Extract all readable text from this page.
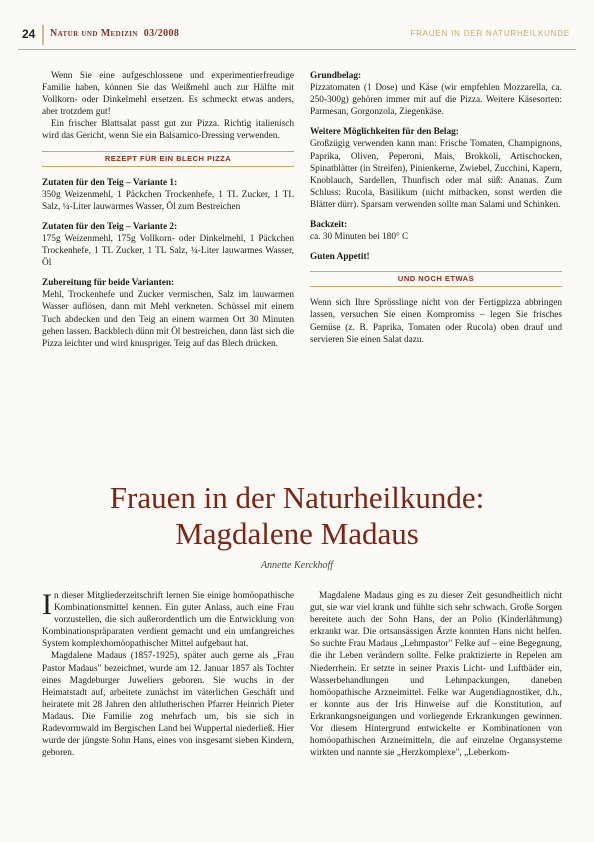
24 Natur und Medizin 03/2008	FRAUEN IN DER NATURHEILKUNDE

Wenn Sie eine aufgeschlossene und experimentierfreudige Familie haben, können Sie das Weißmehl auch zur Hälfte mit Vollkorn- oder Dinkelmehl ersetzen. Es schmeckt etwas anders, aber trotzdem gut!

Ein frischer Blattsalat passt gut zur Pizza. Richtig italienisch wird das Gericht, wenn Sie ein Balsamico-Dressing verwenden.

REZEPT FÜR EIN BLECH PIZZA

Zutaten für den Teig – Variante 1:

350g Weizenmehl, 1 Päckchen Trockenhefe, 1 TL Zucker, 1 TL Salz, ¼-Liter lauwarmes Wasser, Öl zum Bestreichen

Zutaten für den Teig – Variante 2:

175g Weizenmehl, 175g Vollkorn- oder Dinkelmehl, 1 Päckchen Trockenhefe, 1 TL Zucker, 1 TL Salz, ¼-Liter lauwarmes Wasser, Öl

Zubereitung für beide Varianten:

Mehl, Trockenhefe und Zucker vermischen, Salz im lauwarmen Wasser auflösen, dann mit Mehl verkneten. Schüssel mit einem Tuch abdecken und den Teig an einem warmen Ort 30 Minuten gehen lassen. Backblech dünn mit Öl bestreichen, dann läst sich die Pizza leichter und wird knuspriger. Teig auf das Blech drücken.

Grundbelag:

Pizzatomaten (1 Dose) und Käse (wir empfehlen Mozzarella, ca. 250-300g) gehören immer mit auf die Pizza. Weitere Käsesorten: Parmesan, Gorgonzola, Ziegenkäse.

Weitere Möglichkeiten für den Belag:

Großzügig verwenden kann man: Frische Tomaten, Champignons, Paprika, Oliven, Peperoni, Mais, Brokkoli, Artischocken, Spinatblätter (in Streifen), Pinienkerne, Zwiebel, Zucchini, Kapern, Knoblauch, Sardellen, Thunfisch oder mal süß: Ananas. Zum Schluss: Rucola, Basilikum (nicht mitbacken, sonst werden die Blätter dürr). Sparsam verwenden sollte man Salami und Schinken.

Backzeit:

ca. 30 Minuten bei 180° C

Guten Appetit!

UND NOCH ETWAS

Wenn sich Ihre Sprösslinge nicht von der Fertigpizza abbringen lassen, versuchen Sie einen Kompromiss – legen Sie frisches Gemüse (z. B. Paprika, Tomaten oder Rucola) oben drauf und servieren Sie einen Salat dazu.

Frauen in der Naturheilkunde:
Magdalene Madaus
Annette Kerckhoff

In dieser Mitgliederzeitschrift lernen Sie einige homöopathische Kombinationsmittel kennen. Ein guter Anlass, auch eine Frau vorzustellen, die sich außerordentlich um die Entwicklung von Kombinationspräparaten verdient gemacht und ein umfangreiches System komplexhomöopathischer Mittel aufgebaut hat.

Magdalene Madaus (1857-1925), später auch gerne als „Frau Pastor Madaus" bezeichnet, wurde am 12. Januar 1857 als Tochter eines Magdeburger Juweliers geboren. Sie wuchs in der Heimatstadt auf, arbeitete zunächst im väterlichen Geschäft und heiratete mit 28 Jahren den altlutherischen Pfarrer Heinrich Pieter Madaus. Die Familie zog mehrfach um, bis sie sich in Radevormwald im Bergischen Land bei Wuppertal niederließ. Hier wurde der jüngste Sohn Hans, eines von insgesamt sieben Kindern, geboren.

Magdalene Madaus ging es zu dieser Zeit gesundheitlich nicht gut, sie war viel krank und fühlte sich sehr schwach. Große Sorgen bereitete auch der Sohn Hans, der an Polio (Kinderlähmung) erkrankt war. Die ortsansässigen Ärzte konnten Hans nicht helfen. So suchte Frau Madaus „Lehmpastor" Felke auf – eine Begegnung, die ihr Leben verändern sollte. Felke praktizierte in Repelen am Niederrhein. Er setzte in seiner Praxis Licht- und Luftbäder ein, Wasserbehandlungen und Lehmpackungen, daneben homöopathische Arzneimittel. Felke war Augendiagnostiker, d.h., er konnte aus der Iris Hinweise auf die Konstitution, auf Erkrankungsneigungen und vorliegende Erkrankungen gewinnen. Vor diesem Hintergrund entwickelte er Kombinationen von homöopathischen Arzneimitteln, die auf einzelne Organsysteme wirkten und nannte sie „Herzkomplexe", „Leberkom-
